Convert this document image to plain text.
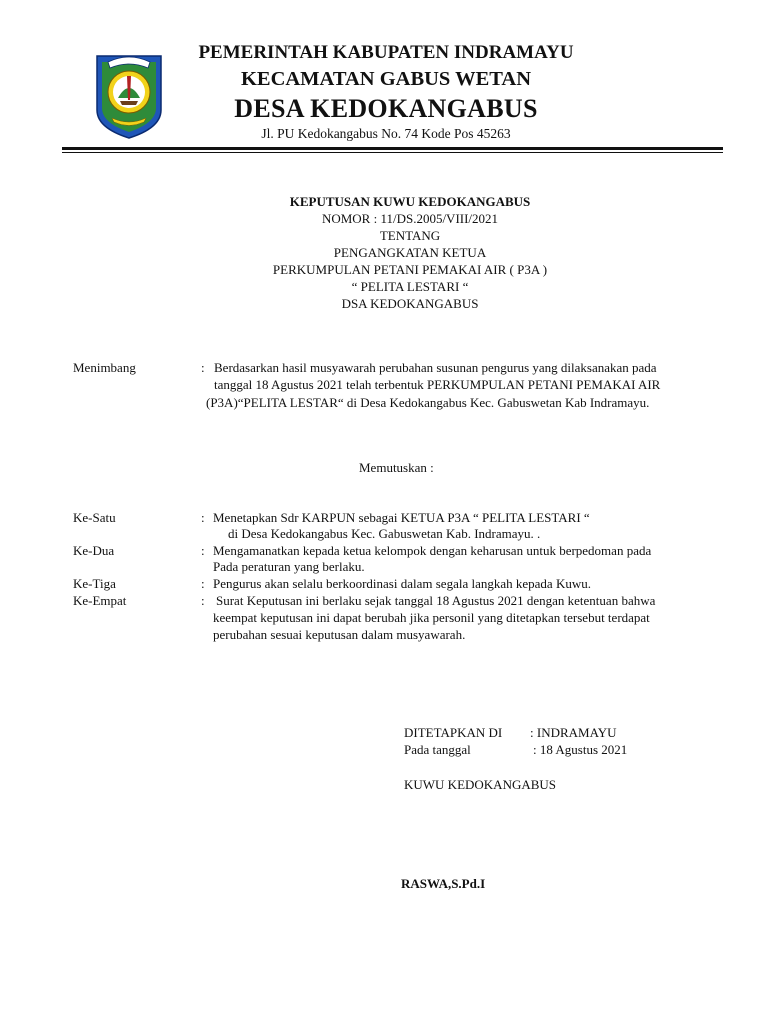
PEMERINTAH KABUPATEN INDRAMAYU
KECAMATAN GABUS WETAN
DESA KEDOKANGABUS
Jl. PU Kedokangabus No. 74 Kode Pos 45263
KEPUTUSAN KUWU KEDOKANGABUS
NOMOR : 11/DS.2005/VIII/2021
TENTANG
PENGANGKATAN KETUA
PERKUMPULAN PETANI PEMAKAI AIR ( P3A )
“ PELITA LESTARI “
DSA KEDOKANGABUS
Menimbang	: Berdasarkan hasil musyawarah perubahan susunan pengurus yang dilaksanakan pada
tanggal 18 Agustus 2021 telah terbentuk PERKUMPULAN PETANI PEMAKAI AIR
(P3A)“PELITA LESTAR“ di Desa Kedokangabus Kec. Gabuswetan Kab Indramayu.
Memutuskan :
Ke-Satu	: Menetapkan Sdr KARPUN sebagai KETUA P3A “ PELITA LESTARI “
di Desa Kedokangabus Kec. Gabuswetan Kab. Indramayu. .
Ke-Dua	: Mengamanatkan kepada ketua kelompok dengan keharusan untuk berpedoman pada
Pada peraturan yang berlaku.
Ke-Tiga	: Pengurus akan selalu berkoordinasi dalam segala langkah kepada Kuwu.
Ke-Empat	: Surat Keputusan ini berlaku sejak tanggal 18 Agustus 2021 dengan ketentuan bahwa
keempat keputusan ini dapat berubah jika personil yang ditetapkan tersebut terdapat
perubahan sesuai keputusan dalam musyawarah.
DITETAPKAN DI : INDRAMAYU
Pada tanggal	: 18 Agustus 2021
KUWU KEDOKANGABUS
RASWA,S.Pd.I
